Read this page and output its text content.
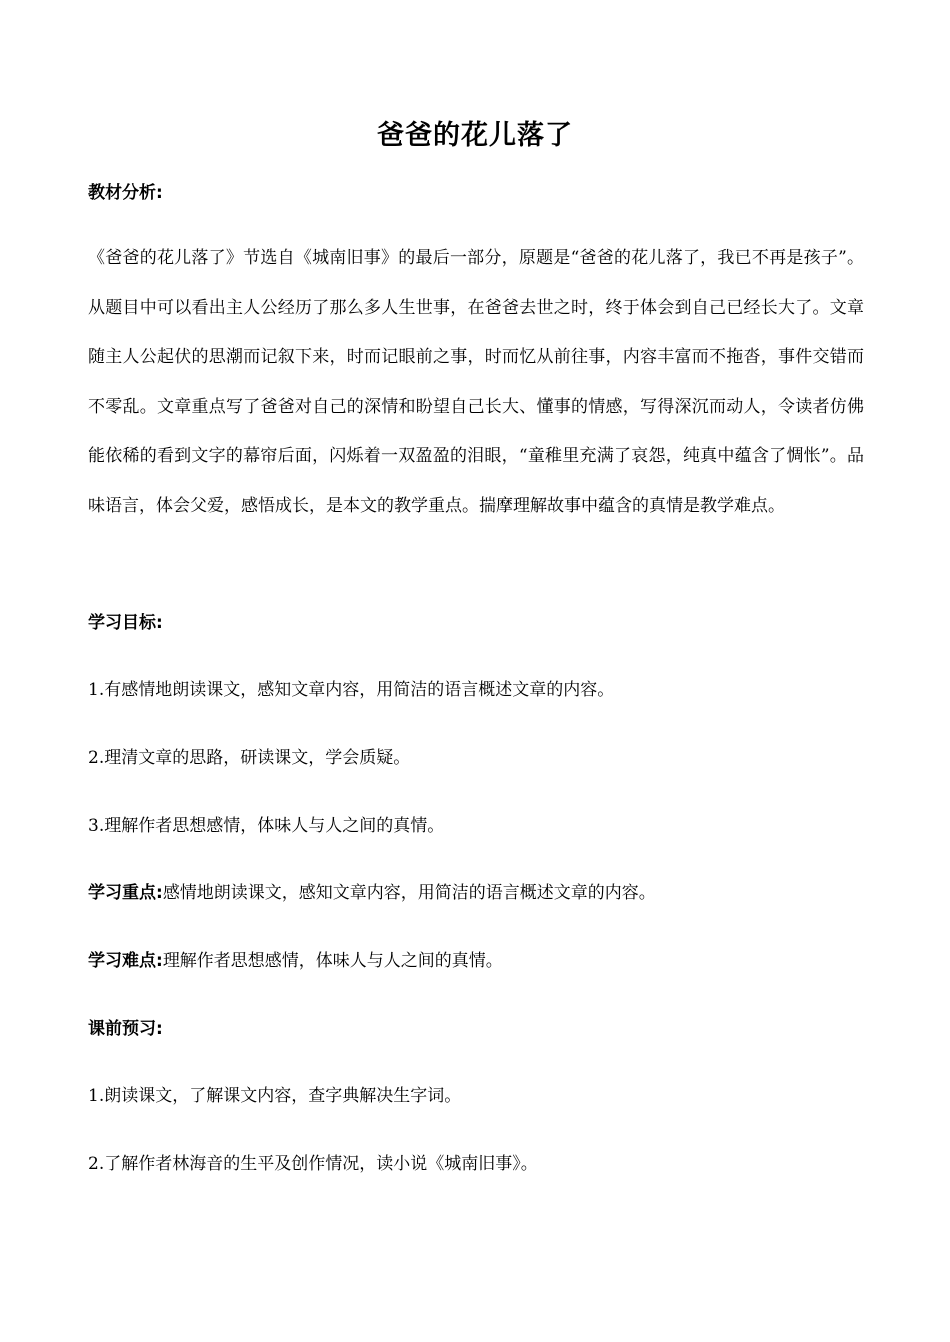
爸爸的花儿落了
教材分析:

《爸爸的花儿落了》节选自《城南旧事》的最后一部分，原题是“爸爸的花儿落了，我已不再是孩子”。从题目中可以看出主人公经历了那么多人生世事，在爸爸去世之时，终于体会到自己已经长大了。文章随主人公起伏的思潮而记叙下来，时而记眼前之事，时而忆从前往事，内容丰富而不拖沓，事件交错而不零乱。文章重点写了爸爸对自己的深情和盼望自己长大、懂事的情感，写得深沉而动人，令读者仿佛能依稀的看到文字的幕帘后面，闪烁着一双盈盈的泪眼，“童稚里充满了哀怨，纯真中蕴含了惆怅”。品味语言，体会父爱，感悟成长，是本文的教学重点。揣摩理解故事中蕴含的真情是教学难点。

学习目标:
1.有感情地朗读课文，感知文章内容，用简洁的语言概述文章的内容。
2.理清文章的思路，研读课文，学会质疑。
3.理解作者思想感情，体味人与人之间的真情。
学习重点:感情地朗读课文，感知文章内容，用简洁的语言概述文章的内容。
学习难点:理解作者思想感情，体味人与人之间的真情。
课前预习:
1.朗读课文，了解课文内容，查字典解决生字词。
2.了解作者林海音的生平及创作情况，读小说《城南旧事》。
